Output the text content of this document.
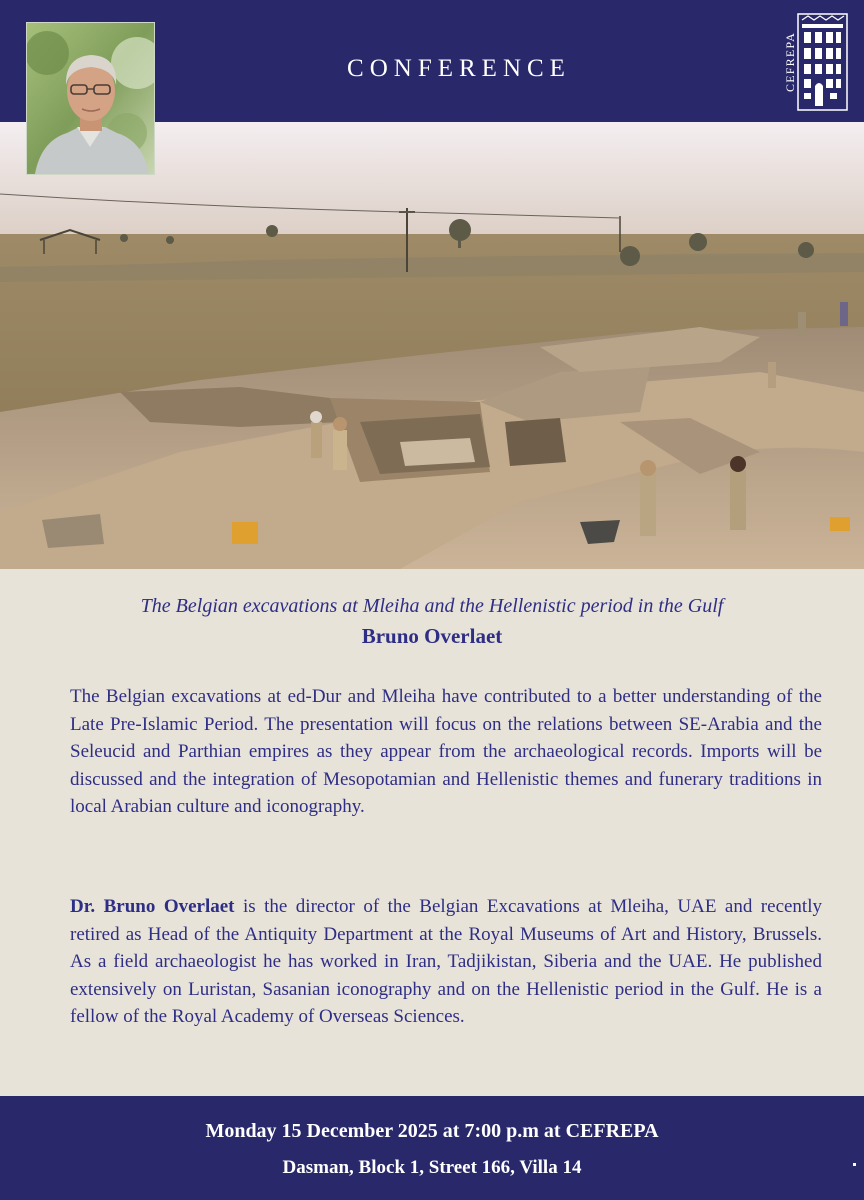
CONFERENCE	CEFREPA
The Belgian excavations at Mleiha and the Hellenistic period in the Gulf
Bruno Overlaet
The Belgian excavations at ed-Dur and Mleiha have contributed to a better understanding of the Late Pre-Islamic Period. The presentation will focus on the relations between SE-Arabia and the Seleucid and Parthian empires as they appear from the archaeological records. Imports will be discussed and the integration of Mesopotamian and Hellenistic themes and funerary traditions in local Arabian culture and iconography.
Dr. Bruno Overlaet is the director of the Belgian Excavations at Mleiha, UAE and recently retired as Head of the Antiquity Department at the Royal Museums of Art and History, Brussels. As a field archaeologist he has worked in Iran, Tadjikistan, Siberia and the UAE. He published extensively on Luristan, Sasanian iconography and on the Hellenistic period in the Gulf. He is a fellow of the Royal Academy of Overseas Sciences.
Monday 15 December 2025 at 7:00 p.m at CEFREPA
Dasman, Block 1, Street 166, Villa 14
